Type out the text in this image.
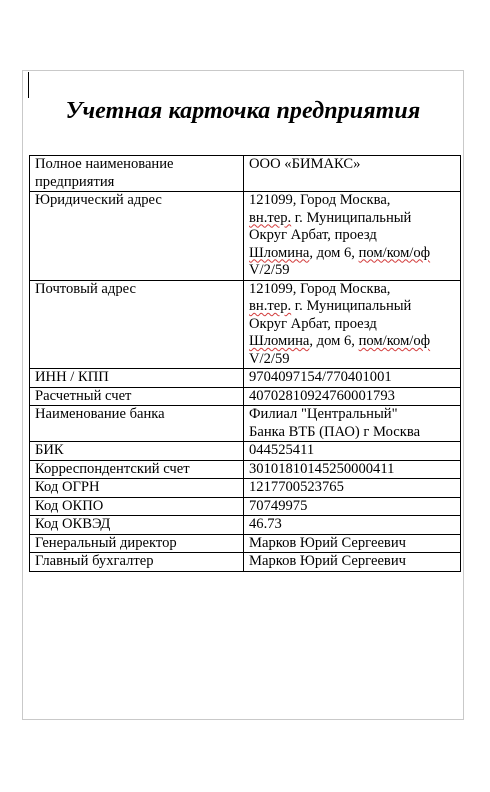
Учетная карточка предприятия
Полное наименование предприятия	ООО «БИМАКС»
Юридический адрес	121099, Город Москва,
вн.тер. г. Муниципальный
Округ Арбат, проезд
Шломина, дом 6, пом/ком/оф
V/2/59
Почтовый адрес	121099, Город Москва,
вн.тер. г. Муниципальный
Округ Арбат, проезд
Шломина, дом 6, пом/ком/оф
V/2/59
ИНН / КПП	9704097154/770401001
Расчетный счет	40702810924760001793
Наименование банка	Филиал "Центральный"
Банка ВТБ (ПАО) г Москва
БИК	044525411
Корреспондентский счет	30101810145250000411
Код ОГРН	1217700523765
Код ОКПО	70749975
Код ОКВЭД	46.73
Генеральный директор	Марков Юрий Сергеевич
Главный бухгалтер	Марков Юрий Сергеевич
